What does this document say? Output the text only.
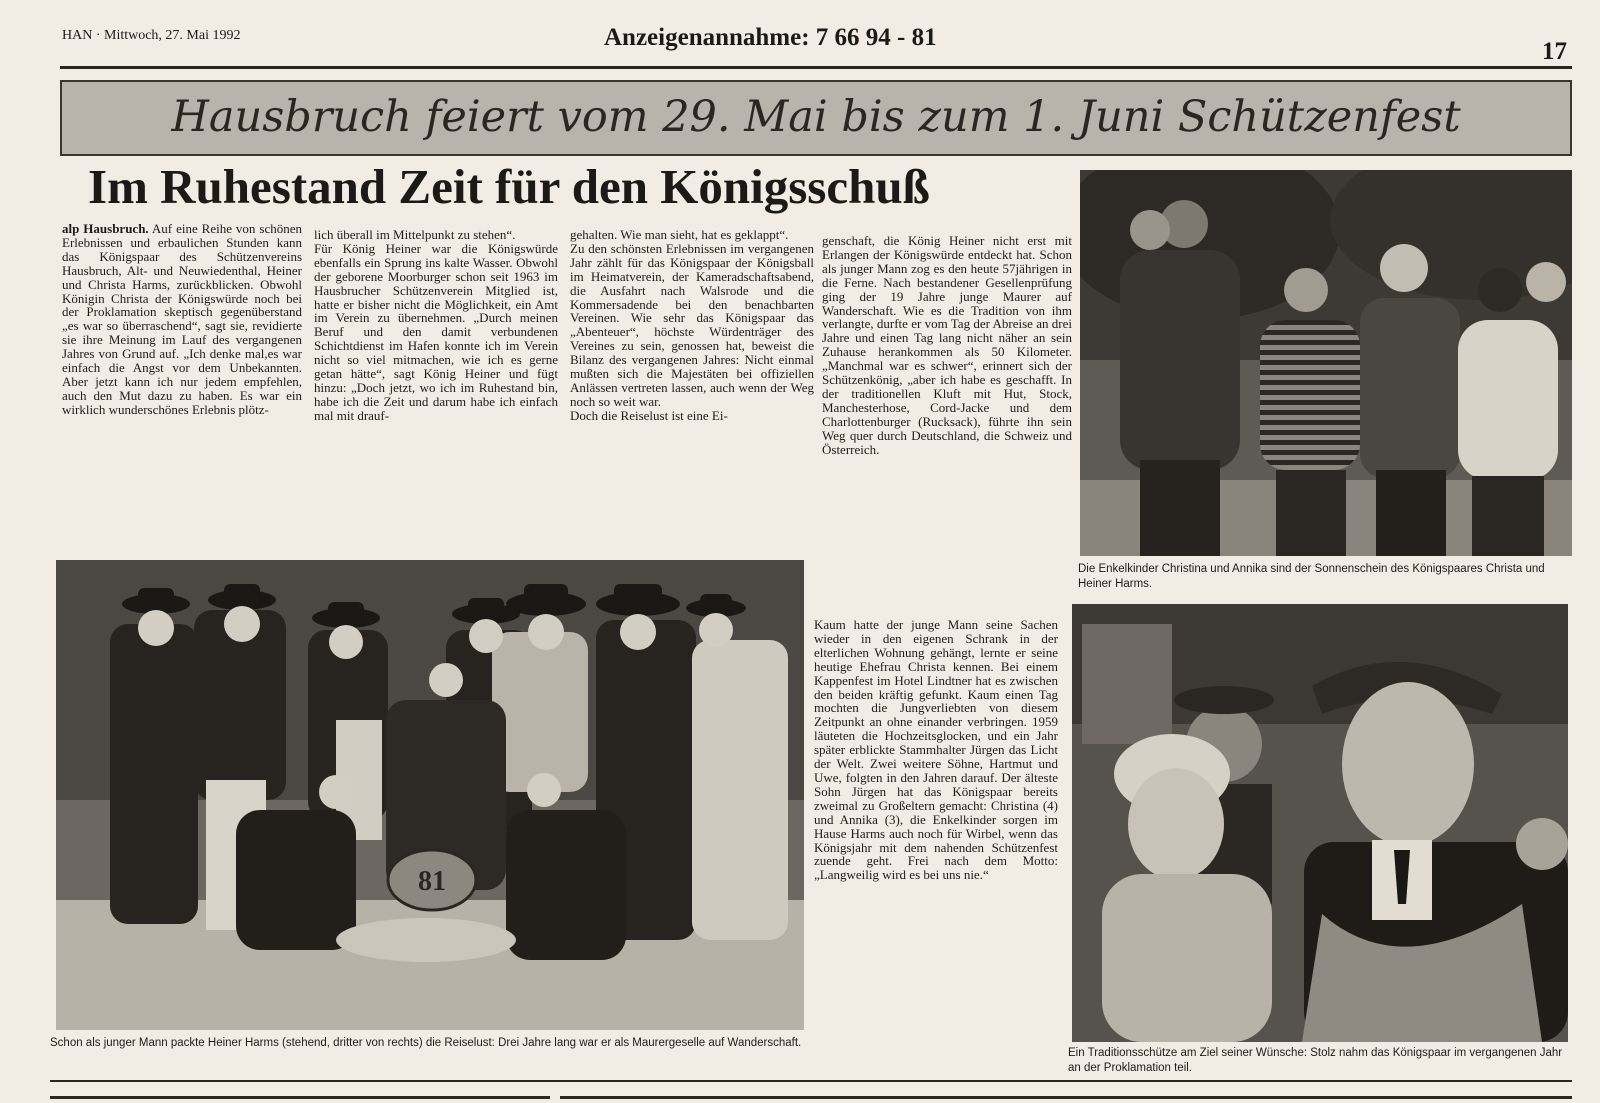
HAN · Mittwoch, 27. Mai 1992	Anzeigenannahme: 7 66 94 - 81
17
Hausbruch feiert vom 29. Mai bis zum 1. Juni Schützenfest
Im Ruhestand Zeit für den Königsschuß
alp Hausbruch. Auf eine Reihe von schönen Erlebnissen und erbaulichen Stunden kann das Königspaar des Schützenvereins Hausbruch, Alt- und Neuwiedenthal, Heiner und Christa Harms, zurückblicken. Obwohl Königin Christa der Königswürde noch bei der Proklamation skeptisch gegenüberstand „es war so überraschend“, sagt sie, revidierte sie ihre Meinung im Lauf des vergangenen Jahres von Grund auf. „Ich denke mal,es war einfach die Angst vor dem Unbekannten. Aber jetzt kann ich nur jedem empfehlen, auch den Mut dazu zu haben. Es war ein wirklich wunderschönes Erlebnis plötz-
lich überall im Mittelpunkt zu stehen“.
Für König Heiner war die Königswürde ebenfalls ein Sprung ins kalte Wasser. Obwohl der geborene Moorburger schon seit 1963 im Hausbrucher Schützenverein Mitglied ist, hatte er bisher nicht die Möglichkeit, ein Amt im Verein zu übernehmen. „Durch meinen Beruf und den damit verbundenen Schichtdienst im Hafen konnte ich im Verein nicht so viel mitmachen, wie ich es gerne getan hätte“, sagt König Heiner und fügt hinzu: „Doch jetzt, wo ich im Ruhestand bin, habe ich die Zeit und darum habe ich einfach mal mit drauf-
gehalten. Wie man sieht, hat es geklappt“.
Zu den schönsten Erlebnissen im vergangenen Jahr zählt für das Königspaar der Königsball im Heimatverein, der Kameradschaftsabend, die Ausfahrt nach Walsrode und die Kommersadende bei den benachbarten Vereinen. Wie sehr das Königspaar das „Abenteuer“, höchste Würdenträger des Vereines zu sein, genossen hat, beweist die Bilanz des vergangenen Jahres: Nicht einmal mußten sich die Majestäten bei offiziellen Anlässen vertreten lassen, auch wenn der Weg noch so weit war.
Doch die Reiselust ist eine Ei-
genschaft, die König Heiner nicht erst mit Erlangen der Königswürde entdeckt hat. Schon als junger Mann zog es den heute 57jährigen in die Ferne. Nach bestandener Gesellenprüfung ging der 19 Jahre junge Maurer auf Wanderschaft. Wie es die Tradition von ihm verlangte, durfte er vom Tag der Abreise an drei Jahre und einen Tag lang nicht näher an sein Zuhause herankommen als 50 Kilometer. „Manchmal war es schwer“, erinnert sich der Schützenkönig, „aber ich habe es geschafft. In der traditionellen Kluft mit Hut, Stock, Manchesterhose, Cord-Jacke und dem Charlottenburger (Rucksack), führte ihn sein Weg quer durch Deutschland, die Schweiz und Österreich.
Kaum hatte der junge Mann seine Sachen wieder in den eigenen Schrank in der elterlichen Wohnung gehängt, lernte er seine heutige Ehefrau Christa kennen. Bei einem Kappenfest im Hotel Lindtner hat es zwischen den beiden kräftig gefunkt. Kaum einen Tag mochten die Jungverliebten von diesem Zeitpunkt an ohne einander verbringen. 1959 läuteten die Hochzeitsglocken, und ein Jahr später erblickte Stammhalter Jürgen das Licht der Welt. Zwei weitere Söhne, Hartmut und Uwe, folgten in den Jahren darauf. Der älteste Sohn Jürgen hat das Königspaar bereits zweimal zu Großeltern gemacht: Christina (4) und Annika (3), die Enkelkinder sorgen im Hause Harms auch noch für Wirbel, wenn das Königsjahr mit dem nahenden Schützenfest zuende geht. Frei nach dem Motto: „Langweilig wird es bei uns nie.“
Die Enkelkinder Christina und Annika sind der Sonnenschein des Königspaares Christa und Heiner Harms.
81
Schon als junger Mann packte Heiner Harms (stehend, dritter von rechts) die Reiselust: Drei Jahre lang war er als Maurergeselle auf Wanderschaft.
Ein Traditionsschütze am Ziel seiner Wünsche: Stolz nahm das Königspaar im vergangenen Jahr an der Proklamation teil.
